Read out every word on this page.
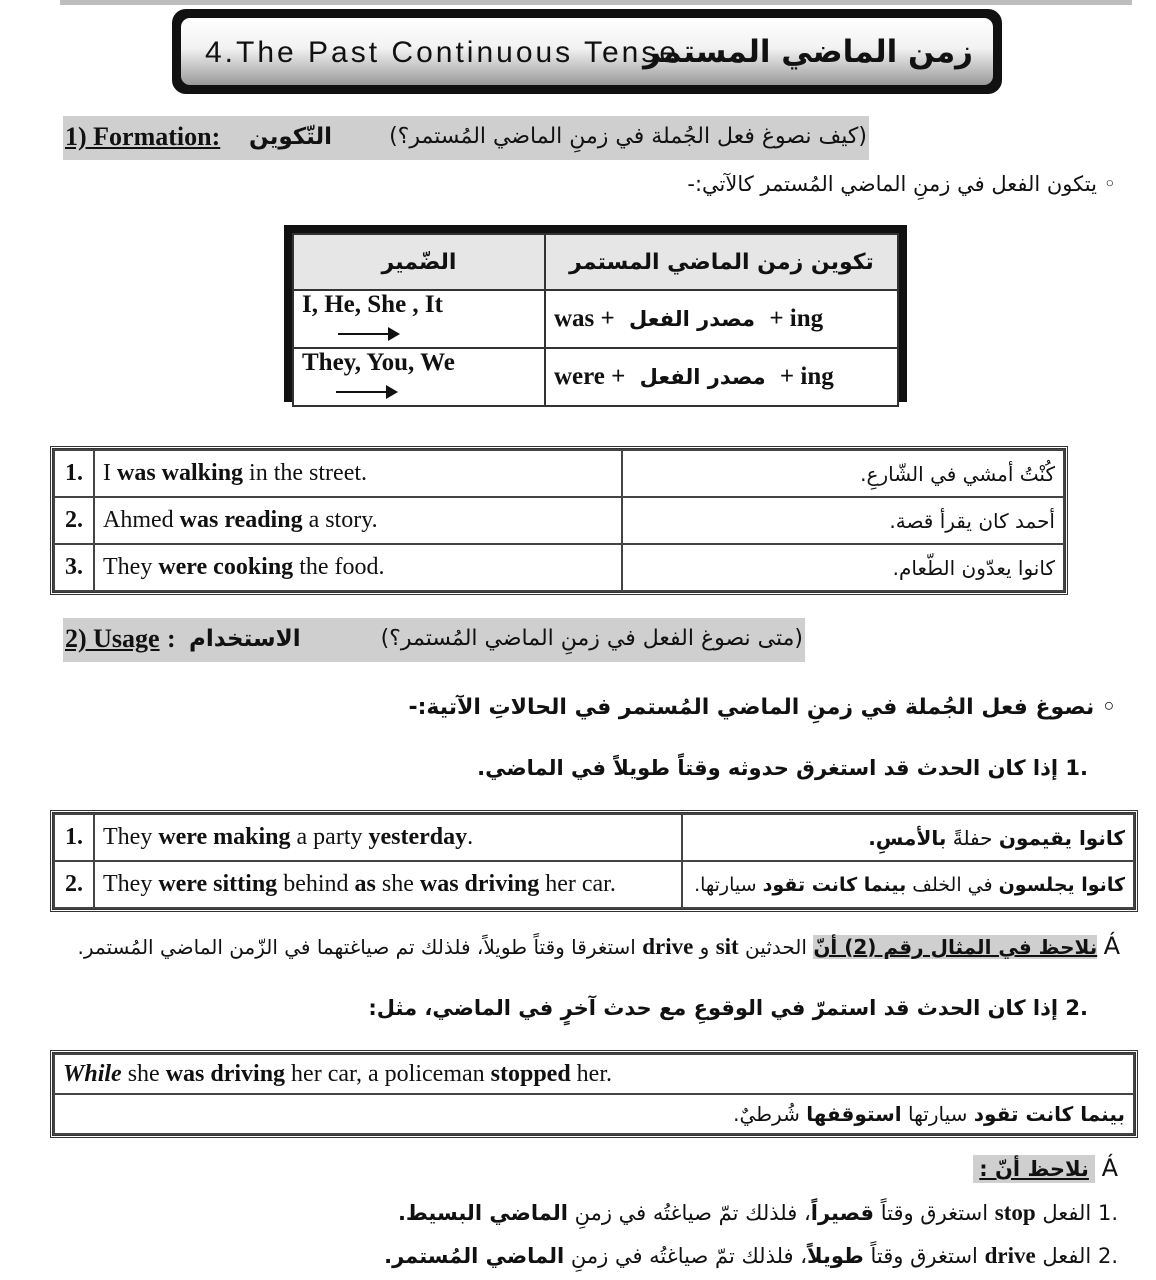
4.The Past Continuous Tense
زمن الماضي المستمر
1) Formation: التّكوين	(كيف نصوغ فعل الجُملة في زمنِ الماضي المُستمر؟)
◦ يتكون الفعل في زمنِ الماضي المُستمر كالآتي:-
الضّمير	تكوين زمن الماضي المستمر
I, He, She , It	was + مصدر الفعل + ing
They, You, We	were + مصدر الفعل + ing
1.	I was walking in the street.	كُنْتُ أمشي في الشّارعِ.
2.	Ahmed was reading a story.	أحمد كان يقرأ قصة.
3.	They were cooking the food.	كانوا يعدّون الطّعام.
2) Usage : الاستخدام	(متى نصوغ الفعل في زمنِ الماضي المُستمر؟)
◦ نصوغ فعل الجُملة في زمنِ الماضي المُستمر في الحالاتِ الآتية:-
.1 إذا كان الحدث قد استغرق حدوثه وقتاً طويلاً في الماضي.
1.	They were making a party yesterday.	كانوا يقيمون حفلةً بالأمسِ.
2.	They were sitting behind as she was driving her car.	كانوا يجلسون في الخلف بينما كانت تقود سيارتها.
Á نلاحظ في المثال رقم (2) أنّ الحدثين sit و drive استغرقا وقتاً طويلاً، فلذلك تم صياغتهما في الزّمن الماضي المُستمر.
.2 إذا كان الحدث قد استمرّ في الوقوعِ مع حدث آخرٍ في الماضي، مثل:
While she was driving her car, a policeman stopped her.
بينما كانت تقود سيارتها استوقفها شُرطيٌ.
Á نلاحظ أنّ :
.1 الفعل stop استغرق وقتاً قصيراً، فلذلك تمّ صياغتُه في زمنِ الماضي البسيط.
.2 الفعل drive استغرق وقتاً طويلاً، فلذلك تمّ صياغتُه في زمنِ الماضي المُستمر.
